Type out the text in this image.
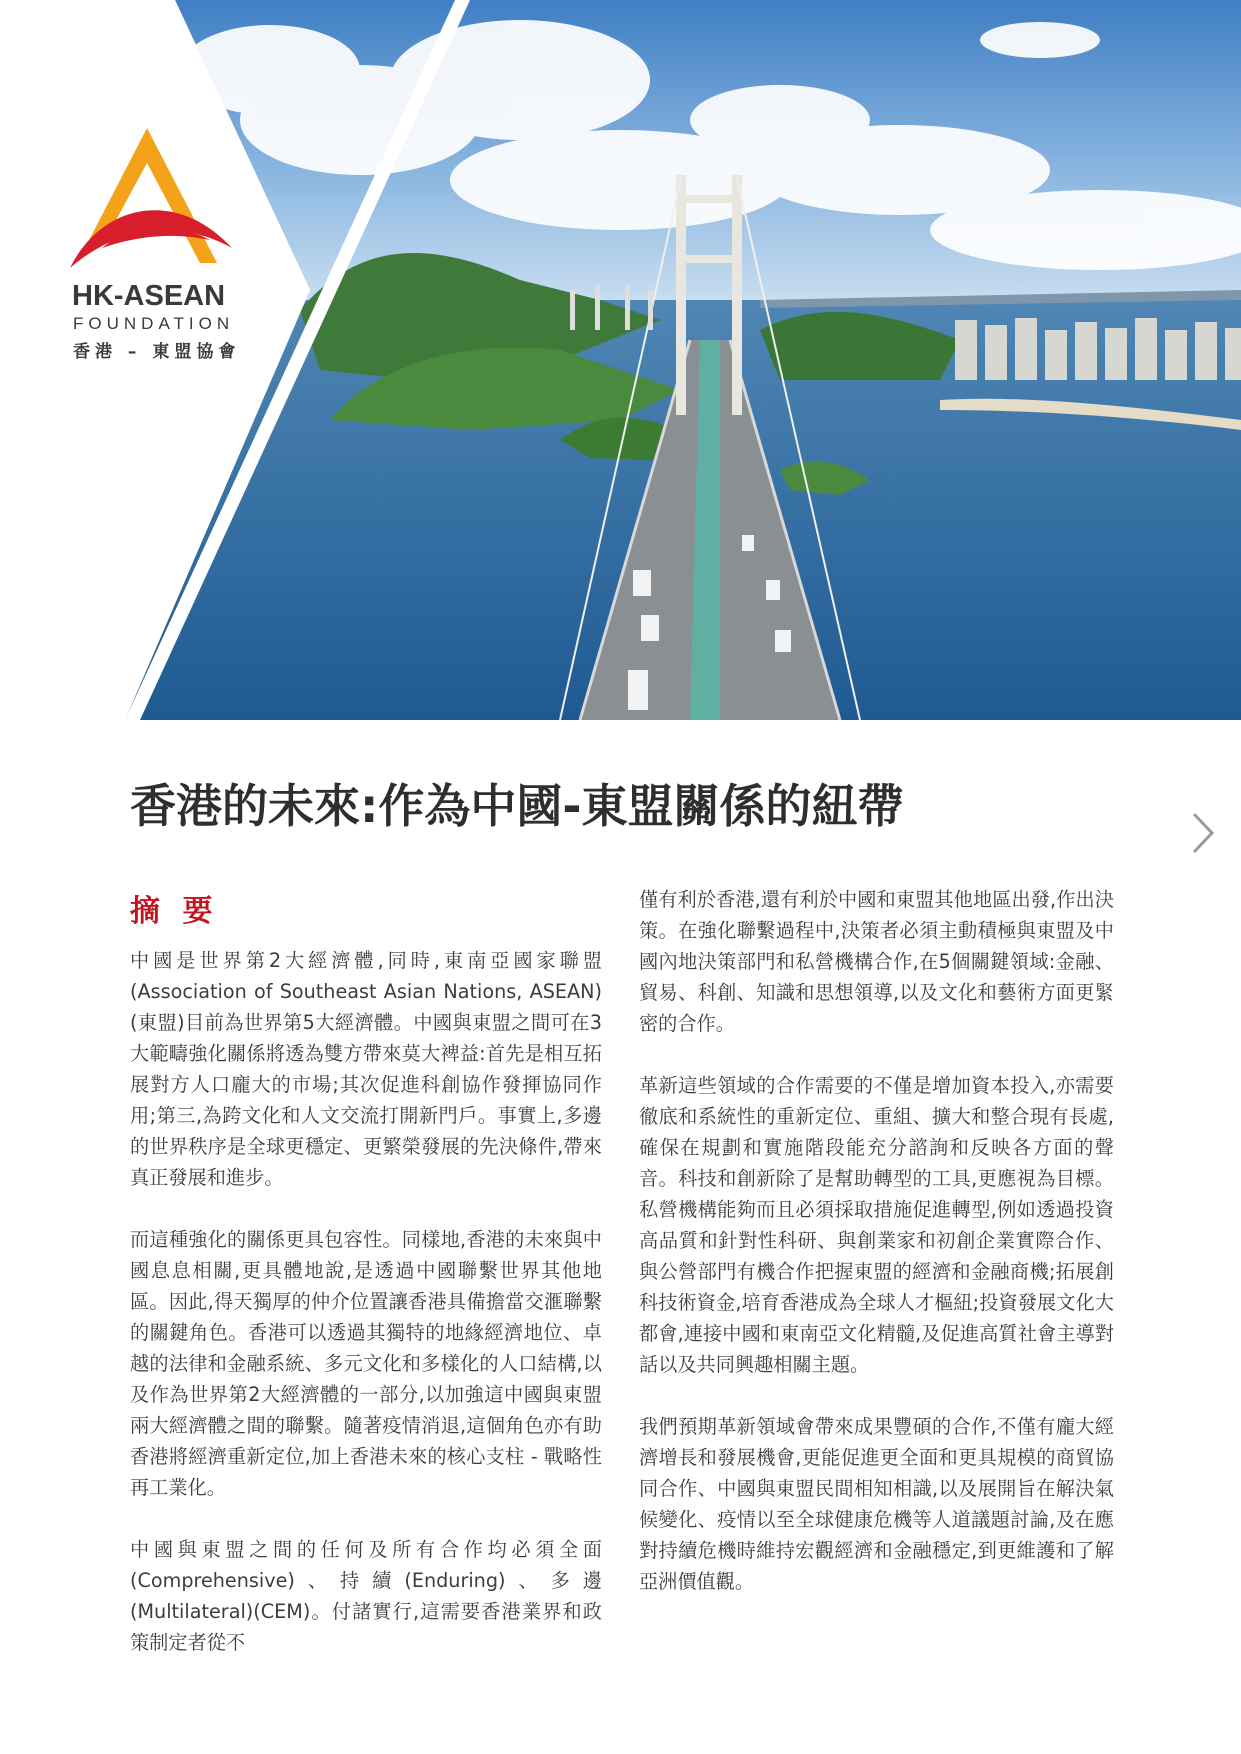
HK-ASEAN
FOUNDATION
香港 – 東盟協會
香港的未來:作為中國-東盟關係的紐帶
摘 要

中國是世界第2大經濟體,同時,東南亞國家聯盟(Association of Southeast Asian Nations, ASEAN)(東盟)目前為世界第5大經濟體。中國與東盟之間可在3大範疇強化關係將透為雙方帶來莫大裨益:首先是相互拓展對方人口龐大的市場;其次促進科創協作發揮協同作用;第三,為跨文化和人文交流打開新門戶。事實上,多邊的世界秩序是全球更穩定、更繁榮發展的先決條件,帶來真正發展和進步。

而這種強化的關係更具包容性。同樣地,香港的未來與中國息息相關,更具體地說,是透過中國聯繫世界其他地區。因此,得天獨厚的仲介位置讓香港具備擔當交滙聯繫的關鍵角色。香港可以透過其獨特的地緣經濟地位、卓越的法律和金融系統、多元文化和多樣化的人口結構,以及作為世界第2大經濟體的一部分,以加強這中國與東盟兩大經濟體之間的聯繫。隨著疫情消退,這個角色亦有助香港將經濟重新定位,加上香港未來的核心支柱 - 戰略性再工業化。

中國與東盟之間的任何及所有合作均必須全面(Comprehensive)、持續(Enduring)、多邊(Multilateral)(CEM)。付諸實行,這需要香港業界和政策制定者從不

僅有利於香港,還有利於中國和東盟其他地區出發,作出決策。在強化聯繫過程中,決策者必須主動積極與東盟及中國內地決策部門和私營機構合作,在5個關鍵領域:金融、貿易、科創、知識和思想領導,以及文化和藝術方面更緊密的合作。

革新這些領域的合作需要的不僅是增加資本投入,亦需要徹底和系統性的重新定位、重組、擴大和整合現有長處,確保在規劃和實施階段能充分諮詢和反映各方面的聲音。科技和創新除了是幫助轉型的工具,更應視為目標。私營機構能夠而且必須採取措施促進轉型,例如透過投資高品質和針對性科研、與創業家和初創企業實際合作、與公營部門有機合作把握東盟的經濟和金融商機;拓展創科技術資金,培育香港成為全球人才樞紐;投資發展文化大都會,連接中國和東南亞文化精髓,及促進高質社會主導對話以及共同興趣相關主題。

我們預期革新領域會帶來成果豐碩的合作,不僅有龐大經濟增長和發展機會,更能促進更全面和更具規模的商貿協同合作、中國與東盟民間相知相識,以及展開旨在解決氣候變化、疫情以至全球健康危機等人道議題討論,及在應對持續危機時維持宏觀經濟和金融穩定,到更維護和了解亞洲價值觀。
